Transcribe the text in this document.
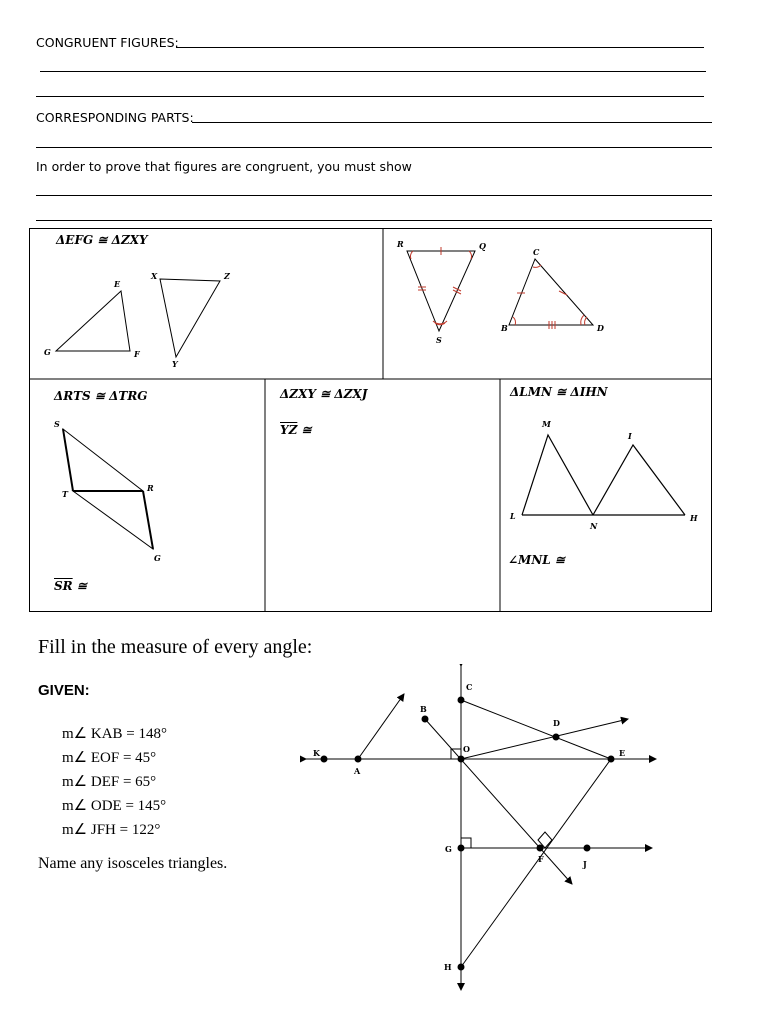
CONGRUENT FIGURES:
CORRESPONDING PARTS:
In order to prove that figures are congruent, you must show
ΔEFG ≅ ΔZXY
E
G	F
X	Z
Y
R	Q
S
C
B	D
ΔRTS ≅ ΔTRG
S
T
R
G
$\overline{SR}$ ≅
ΔZXY ≅ ΔZXJ
$\overline{YZ}$ ≅
ΔLMN ≅ ΔIHN
M
I
L
N
H
∠MNL ≅
Fill in the measure of every angle:
GIVEN:
m∠ KAB = 148°
m∠ EOF = 45°
m∠ DEF = 65°
m∠ ODE = 145°
m∠ JFH = 122°
Name any isosceles triangles.
C
B
D
K
A
O	E
G
F	J
H
